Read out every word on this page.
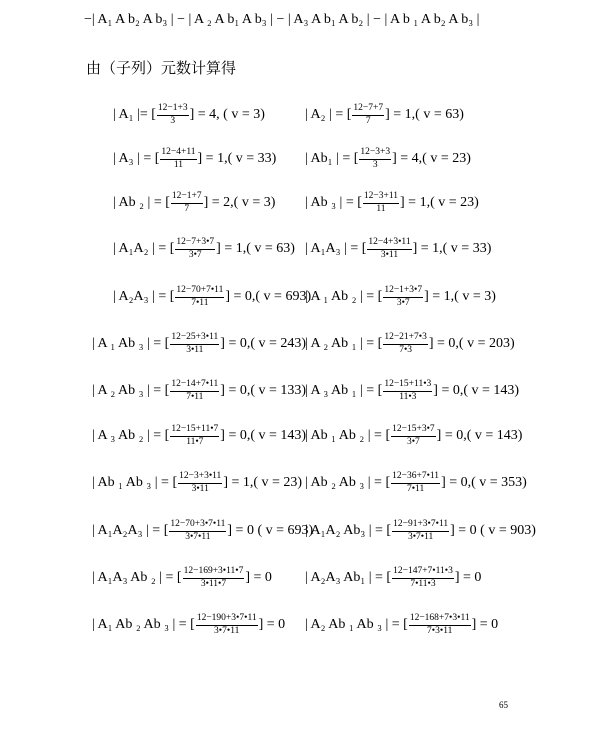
−| A₁ A b₂ A b₃ | − | A ₂ A b₁ A b₃ | − | A₃ A b₁ A b₂ | − | A b ₁ A b₂ A b₃ |
由（子列）元数计算得
| A₁ |= [ $\frac{12-1+3}{3}$ ] = 4, ( v = 3)	| A₂ | = [ $\frac{12-7+7}{7}$ ] = 1,( v = 63)
| A₃ | = [ $\frac{12-4+11}{11}$ ] = 1,( v = 33) | Ab₁ | = [ $\frac{12-3+3}{3}$ ] = 4,( v = 23)
| Ab ₂ | = [ $\frac{12-1+7}{7}$ ] = 2,( v = 3) | Ab ₃ | = [ $\frac{12-3+11}{11}$ ] = 1,( v = 23)
| A₁A₂ | = [ $\frac{12-7+3•7}{3•7}$ ] = 1,( v = 63) | A₁A₃ | = [ $\frac{12-4+3•11}{3•11}$ ] = 1,( v = 33)
| A₂A₃ | = [ $\frac{12-70+7•11}{7•11}$ ] = 0,( v = 693)
| A ₁ Ab ₂ | = [ $\frac{12-1+3•7}{3•7}$ ] = 1,( v = 3)
| A ₁ Ab ₃ | = [ $\frac{12-25+3•11}{3•11}$ ] = 0,( v = 243)
| A ₂ Ab ₁ | = [ $\frac{12-21+7•3}{7•3}$ ] = 0,( v = 203)
| A ₂ Ab ₃ | = [ $\frac{12-14+7•11}{7•11}$ ] = 0,( v = 133)
| A ₃ Ab ₁ | = [ $\frac{12-15+11•3}{11•3}$ ] = 0,( v = 143)
| A ₃ Ab ₂ | = [ $\frac{12-15+11•7}{11•7}$ ] = 0,( v = 143)
| Ab ₁ Ab ₂ | = [ $\frac{12-15+3•7}{3•7}$ ] = 0,( v = 143)
| Ab ₁ Ab ₃ | = [ $\frac{12-3+3•11}{3•11}$ ] = 1,( v = 23) | Ab ₂ Ab ₃ | = [ $\frac{12-36+7•11}{7•11}$ ] = 0,( v = 353)
| A₁A₂A₃ | = [ $\frac{12-70+3•7•11}{3•7•11}$ ] = 0 ( v = 693)
| A₁A₂ Ab₃ | = [ $\frac{12-91+3•7•11}{3•7•11}$ ] = 0 ( v = 903)
| A₁A₃ Ab ₂ | = [ $\frac{12-169+3•11•7}{3•11•7}$ ] = 0 | A₂A₃ Ab₁ | = [ $\frac{12-147+7•11•3}{7•11•3}$ ] = 0
| A₁ Ab ₂ Ab ₃ | = [ $\frac{12-190+3•7•11}{3•7•11}$ ] = 0 | A₂ Ab ₁ Ab ₃ | = [ $\frac{12-168+7•3•11}{7•3•11}$ ] = 0
65
